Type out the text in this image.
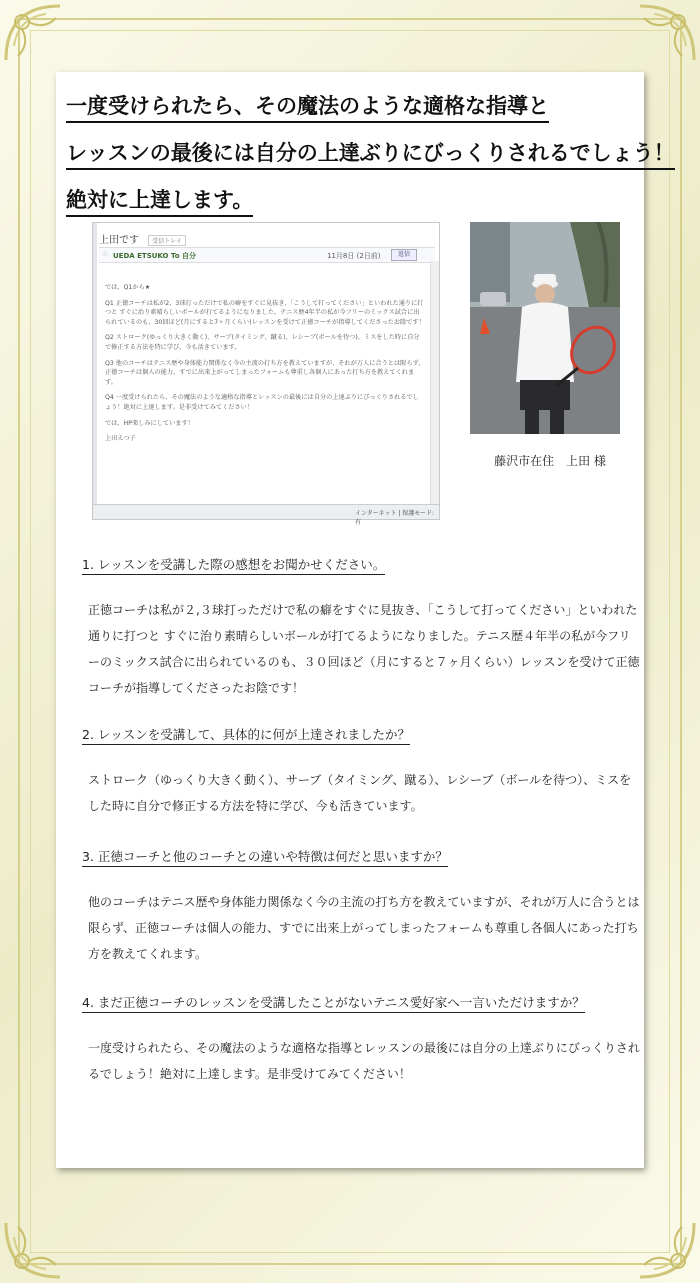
一度受けられたら、その魔法のような適格な指導と
レッスンの最後には自分の上達ぶりにびっくりされるでしょう！
絶対に上達します。
上田です 受信トレイ
☆ UEDA ETSUKO To 自分	11月8日 (2日前)	返信

では、Q1から★

Q1 正徳コーチは私が2、3球打っただけで私の癖をすぐに見抜き、「こうして打ってください」といわれた通りに打つと すぐに治り素晴らしいボールが打てるようになりました。テニス歴4年半の私が今フリーのミックス試合に出られているのも、30回ほど(月にすると7ヶ月くらい)レッスンを受けて正徳コーチが指導してくださったお陰です！

Q2 ストローク(ゆっくり大きく動く)、サーブ(タイミング、蹴る)、レシーブ(ボールを待つ)、ミスをした時に自分で修正する方法を特に学び、今も活きています。

Q3 他のコーチはテニス歴や身体能力関係なく今の主流の打ち方を教えていますが、それが万人に合うとは限らず、正徳コーチは個人の能力、すでに出来上がってしまったフォームも尊重し各個人にあった打ち方を教えてくれます。

Q4 一度受けられたら、その魔法のような適格な指導とレッスンの最後には自分の上達ぶりにびっくりされるでしょう！絶対に上達します。是非受けてみてください！

では、HP楽しみにしています！

上田えつ子

インターネット | 保護モード: 有
藤沢市在住　上田 様
1. レッスンを受講した際の感想をお聞かせください。
正徳コーチは私が２,３球打っただけで私の癖をすぐに見抜き、「こうして打ってください」といわれた通りに打つと すぐに治り素晴らしいボールが打てるようになりました。テニス歴４年半の私が今フリーのミックス試合に出られているのも、３０回ほど（月にすると７ヶ月くらい）レッスンを受けて正徳コーチが指導してくださったお陰です！
2. レッスンを受講して、具体的に何が上達されましたか？
ストローク（ゆっくり大きく動く）、サーブ（タイミング、蹴る）、レシーブ（ボールを待つ）、ミスをした時に自分で修正する方法を特に学び、今も活きています。
3. 正徳コーチと他のコーチとの違いや特徴は何だと思いますか？
他のコーチはテニス歴や身体能力関係なく今の主流の打ち方を教えていますが、それが万人に合うとは限らず、正徳コーチは個人の能力、すでに出来上がってしまったフォームも尊重し各個人にあった打ち方を教えてくれます。
4. まだ正徳コーチのレッスンを受講したことがないテニス愛好家へ一言いただけますか？
一度受けられたら、その魔法のような適格な指導とレッスンの最後には自分の上達ぶりにびっくりされるでしょう！絶対に上達します。是非受けてみてください！
